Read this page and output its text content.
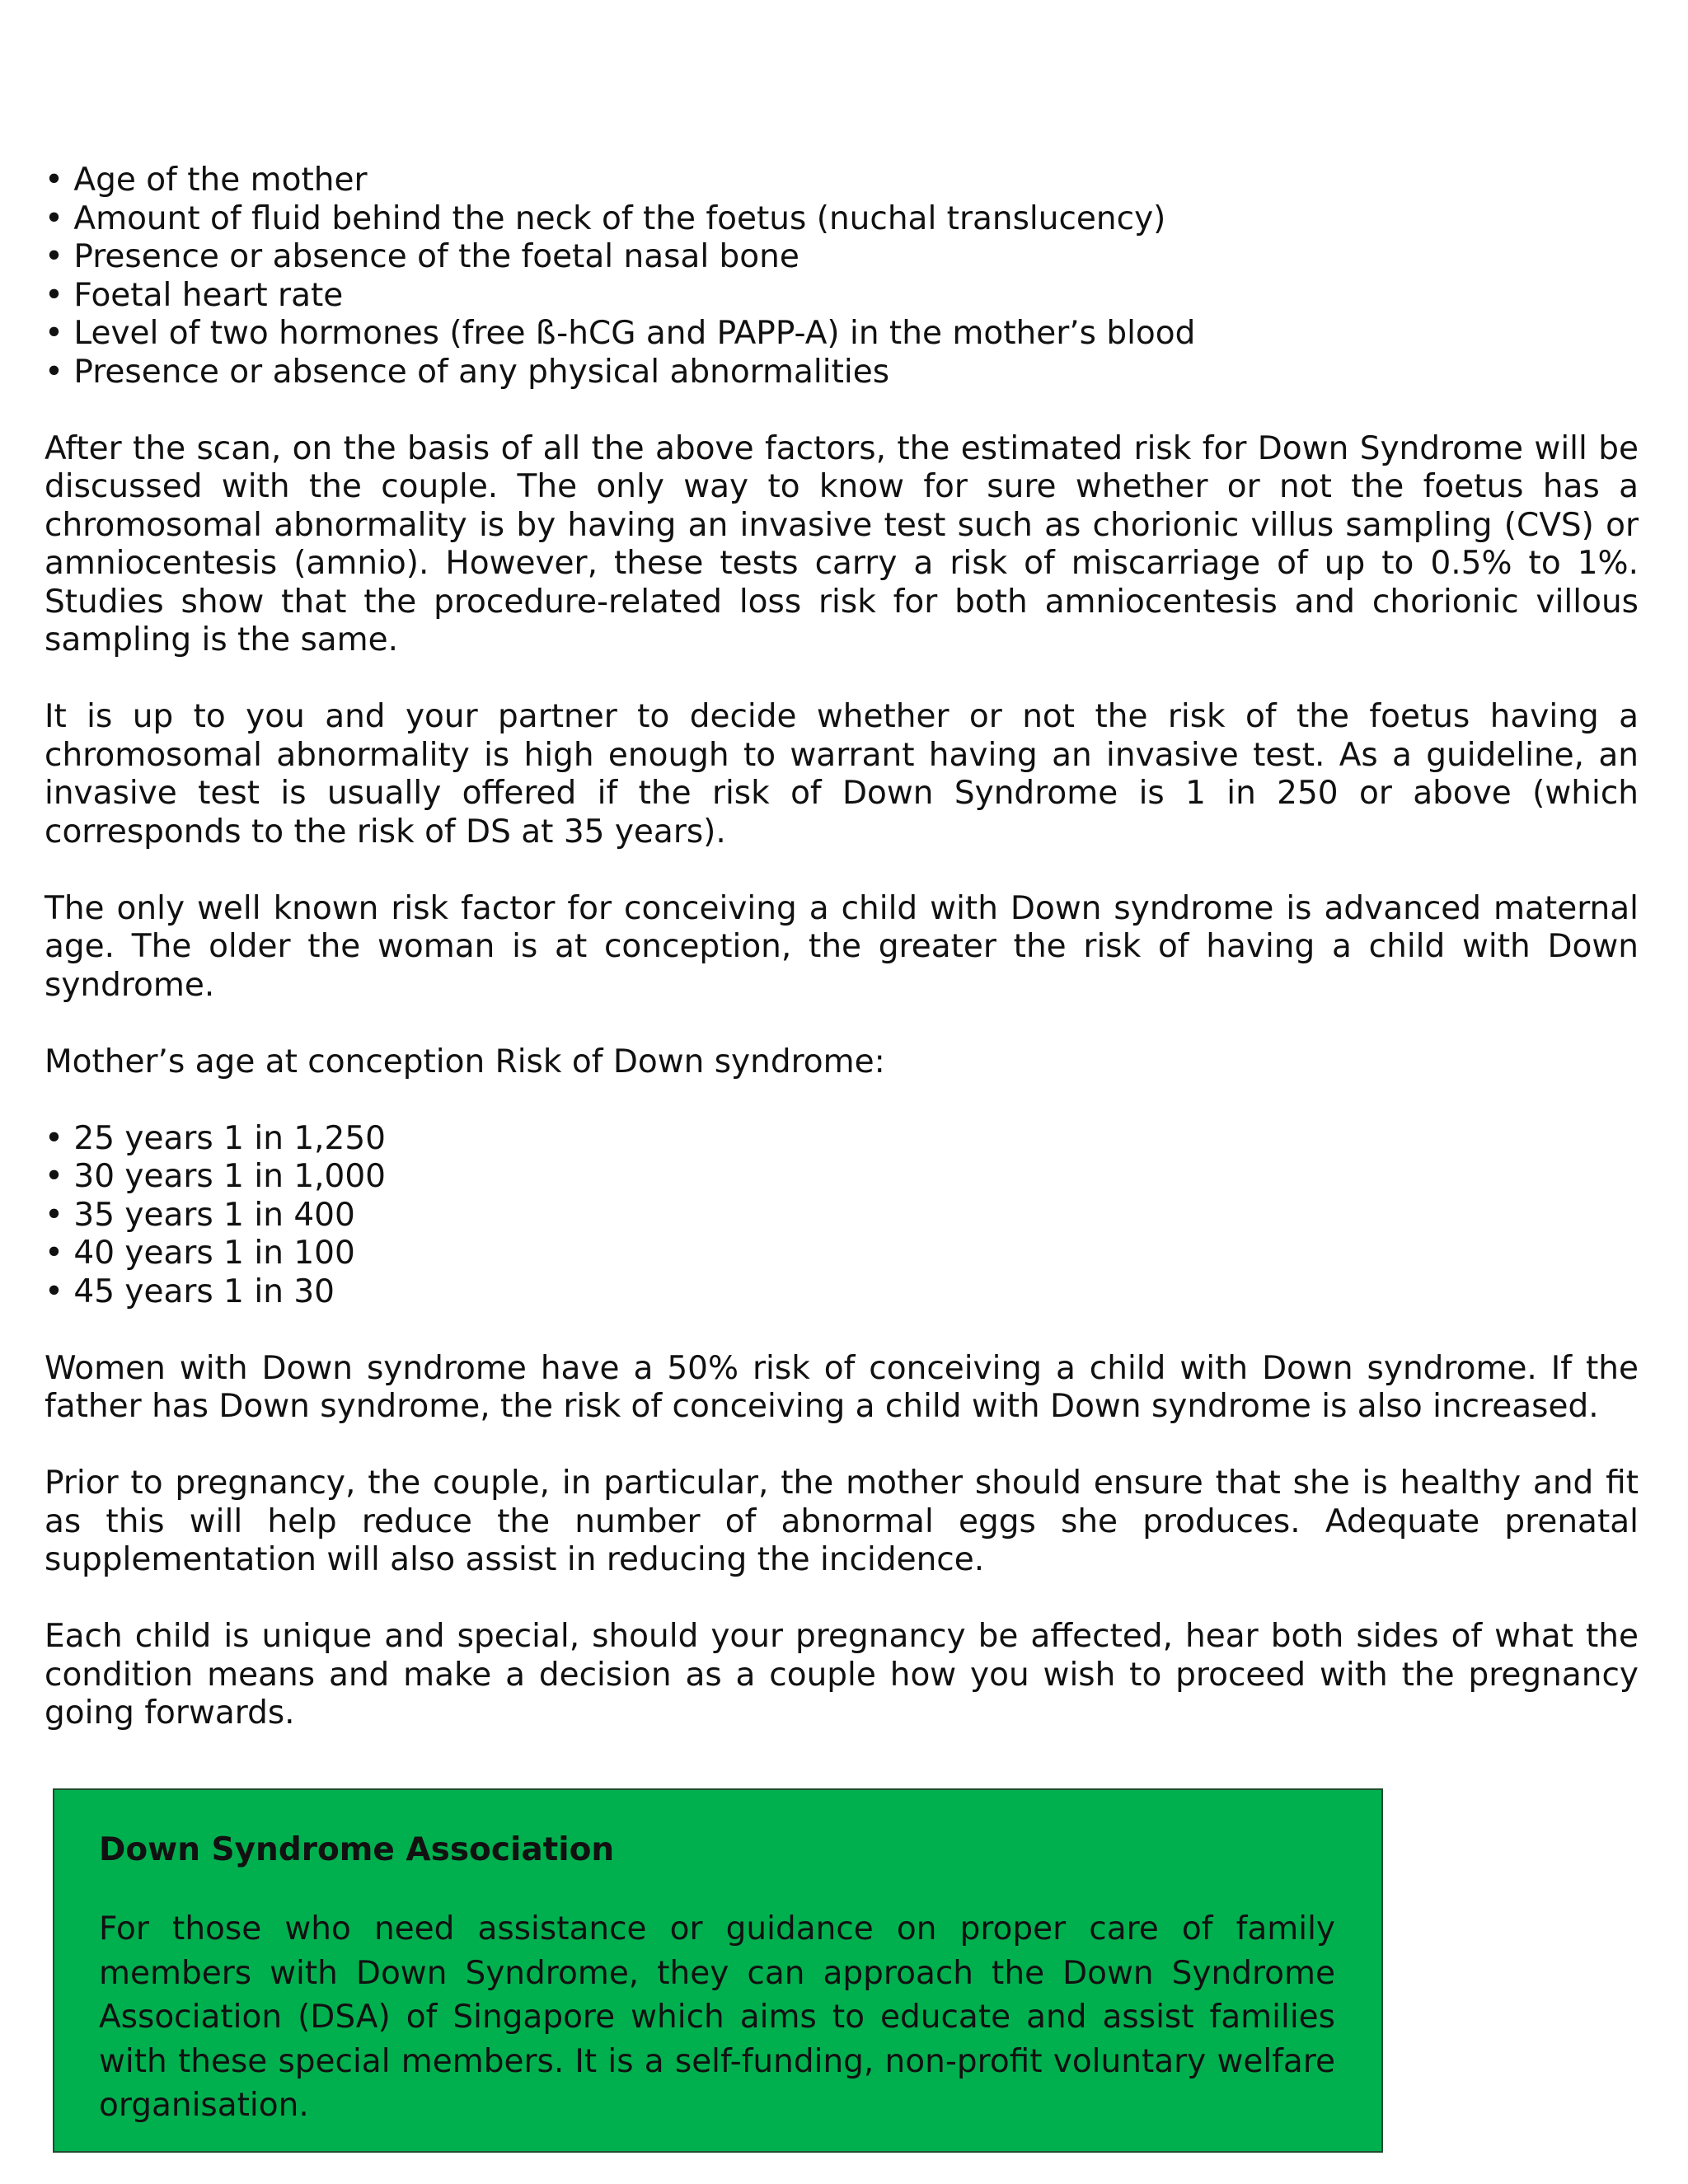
• Age of the mother
• Amount of fluid behind the neck of the foetus (nuchal translucency)
• Presence or absence of the foetal nasal bone
• Foetal heart rate
• Level of two hormones (free ß-hCG and PAPP-A) in the mother’s blood
• Presence or absence of any physical abnormalities

After the scan, on the basis of all the above factors, the estimated risk for Down Syndrome will be discussed with the couple. The only way to know for sure whether or not the foetus has a chromosomal abnormality is by having an invasive test such as chorionic villus sampling (CVS) or amniocentesis (amnio). However, these tests carry a risk of miscarriage of up to 0.5% to 1%. Studies show that the procedure-related loss risk for both amniocentesis and chorionic villous sampling is the same.

It is up to you and your partner to decide whether or not the risk of the foetus having a chromosomal abnormality is high enough to warrant having an invasive test. As a guideline, an invasive test is usually offered if the risk of Down Syndrome is 1 in 250 or above (which corresponds to the risk of DS at 35 years).

The only well known risk factor for conceiving a child with Down syndrome is advanced maternal age. The older the woman is at conception, the greater the risk of having a child with Down syndrome.

Mother’s age at conception Risk of Down syndrome:

• 25 years 1 in 1,250
• 30 years 1 in 1,000
• 35 years 1 in 400
• 40 years 1 in 100
• 45 years 1 in 30

Women with Down syndrome have a 50% risk of conceiving a child with Down syndrome. If the father has Down syndrome, the risk of conceiving a child with Down syndrome is also increased.

Prior to pregnancy, the couple, in particular, the mother should ensure that she is healthy and fit as this will help reduce the number of abnormal eggs she produces. Adequate prenatal supplementation will also assist in reducing the incidence.

Each child is unique and special, should your pregnancy be affected, hear both sides of what the condition means and make a decision as a couple how you wish to proceed with the pregnancy going forwards.

Down Syndrome Association

For those who need assistance or guidance on proper care of family members with Down Syndrome, they can approach the Down Syndrome Association (DSA) of Singapore which aims to educate and assist families with these special members. It is a self-funding, non-profit voluntary welfare organisation.
